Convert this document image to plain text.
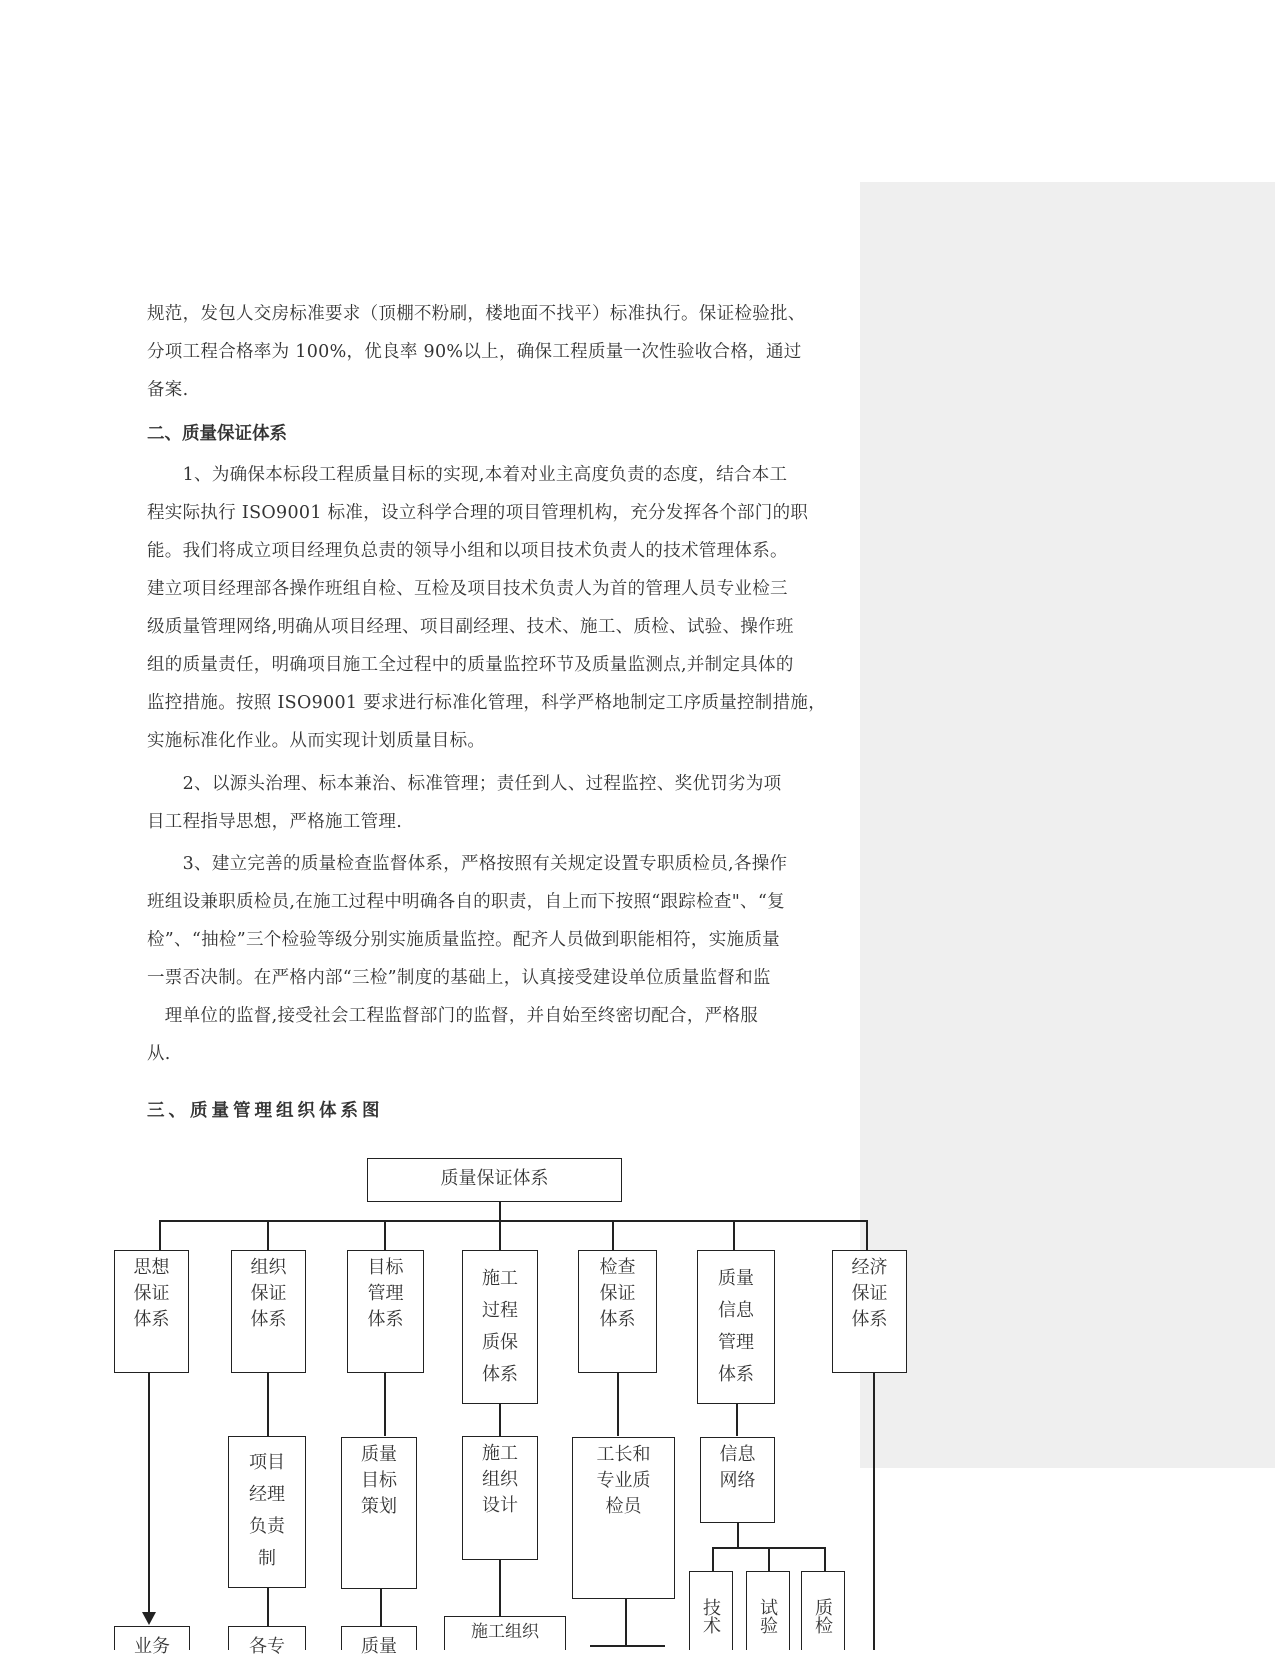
规范，发包人交房标准要求（顶棚不粉刷，楼地面不找平）标准执行。保证检验批、

分项工程合格率为 100%，优良率 90%以上，确保工程质量一次性验收合格，通过

备案.

二、质量保证体系

　　1、为确保本标段工程质量目标的实现,本着对业主高度负责的态度，结合本工

程实际执行 ISO9001 标准，设立科学合理的项目管理机构，充分发挥各个部门的职

能。我们将成立项目经理负总责的领导小组和以项目技术负责人的技术管理体系。

建立项目经理部各操作班组自检、互检及项目技术负责人为首的管理人员专业检三

级质量管理网络,明确从项目经理、项目副经理、技术、施工、质检、试验、操作班

组的质量责任，明确项目施工全过程中的质量监控环节及质量监测点,并制定具体的

监控措施。按照 ISO9001 要求进行标准化管理，科学严格地制定工序质量控制措施，

实施标准化作业。从而实现计划质量目标。

　　2、以源头治理、标本兼治、标准管理；责任到人、过程监控、奖优罚劣为项

目工程指导思想，严格施工管理.

　　3、建立完善的质量检查监督体系，严格按照有关规定设置专职质检员,各操作

班组设兼职质检员,在施工过程中明确各自的职责，自上而下按照“跟踪检查"、“复

检”、“抽检”三个检验等级分别实施质量监控。配齐人员做到职能相符，实施质量

一票否决制。在严格内部“三检”制度的基础上，认真接受建设单位质量监督和监

　理单位的监督,接受社会工程监督部门的监督，并自始至终密切配合，严格服

从.

三、质量管理组织体系图
质量保证体系
思想保证体系
组织保证体系
目标管理体系
施工过程质保体系
检查保证体系
质量信息管理体系
经济保证体系
项目经理负责制
质量目标策划
施工组织设计
工长和专业质检员
信息网络
技术	试验	质检
业务	各专	质量
施工组织
